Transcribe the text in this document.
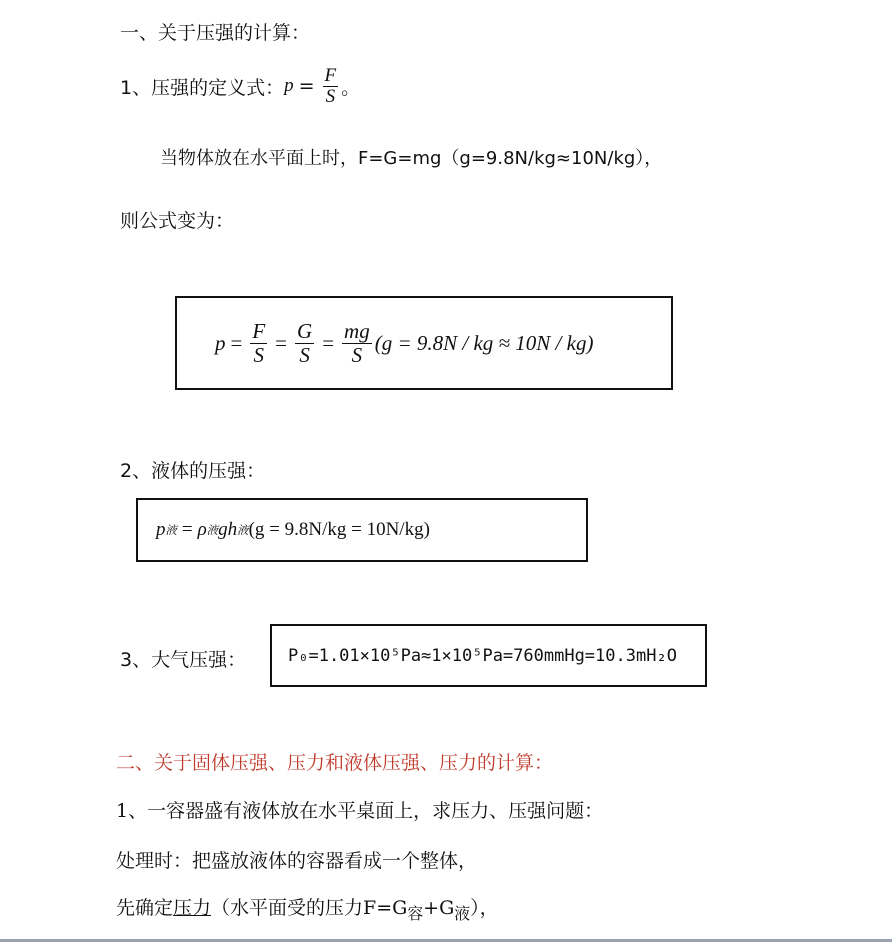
一、关于压强的计算：
1、压强的定义式： $p = \frac{F}{S}$ 。
当物体放在水平面上时，F=G=mg（g=9.8N/kg≈10N/kg），
则公式变为：
$p = \frac{F}{S} = \frac{G}{S} = \frac{mg}{S} (g = 9.8N$ / kg ≈ 10N / kg)
2、液体的压强：
p 液 = ρ 液 gh 液 (g = 9.8N/kg = 10N/kg)
3、大气压强： P₀=1.01×10⁵Pa≈1×10⁵Pa=760mmHg=10.3mH₂O
二、关于固体压强、压力和液体压强、压力的计算：
1、一容器盛有液体放在水平桌面上，求压力、压强问题：
处理时：把盛放液体的容器看成一个整体，
先确定压力（水平面受的压力$F=G_容+G_液$），
